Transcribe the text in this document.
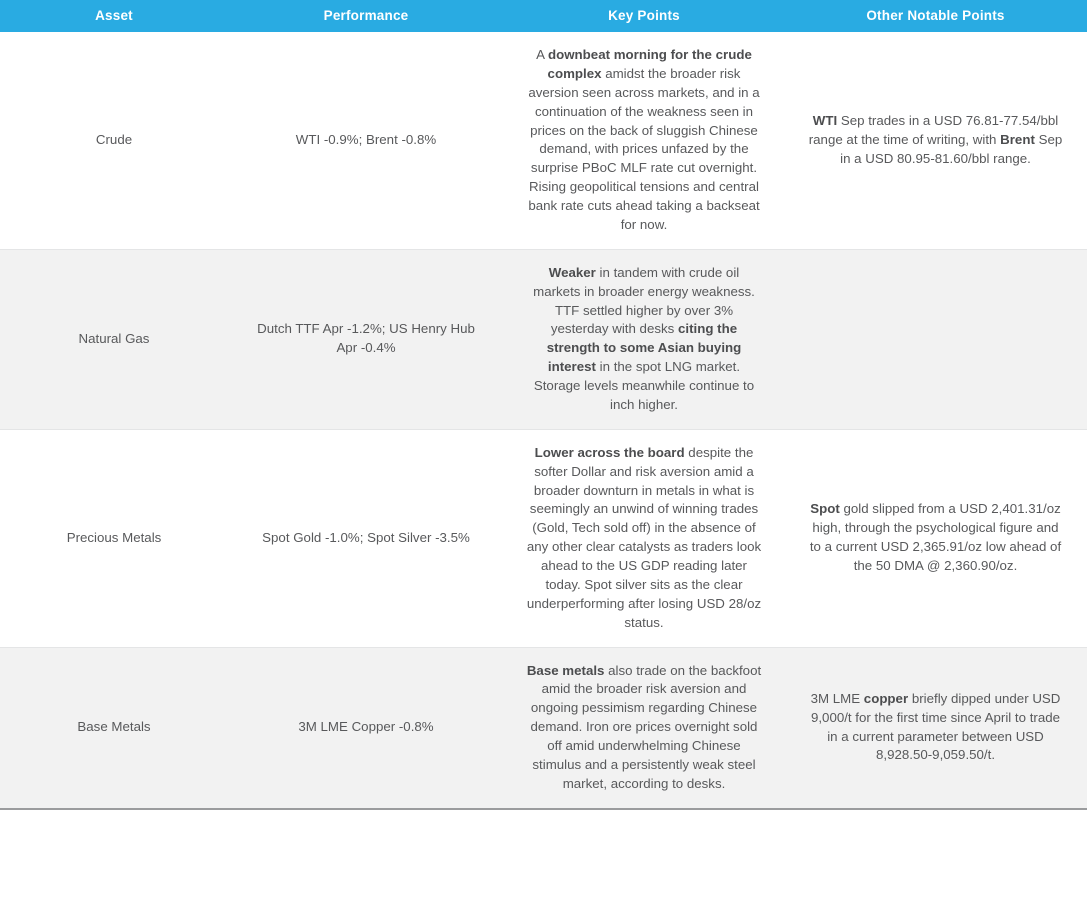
Asset	Performance	Key Points	Other Notable Points
Crude	WTI -0.9%; Brent -0.8%	A downbeat morning for the crude complex amidst the broader risk aversion seen across markets, and in a continuation of the weakness seen in prices on the back of sluggish Chinese demand, with prices unfazed by the surprise PBoC MLF rate cut overnight. Rising geopolitical tensions and central bank rate cuts ahead taking a backseat for now.	WTI Sep trades in a USD 76.81-77.54/bbl range at the time of writing, with Brent Sep in a USD 80.95-81.60/bbl range.
Natural Gas	Dutch TTF Apr -1.2%; US Henry Hub Apr -0.4%	Weaker in tandem with crude oil markets in broader energy weakness. TTF settled higher by over 3% yesterday with desks citing the strength to some Asian buying interest in the spot LNG market. Storage levels meanwhile continue to inch higher.	
Precious Metals	Spot Gold -1.0%; Spot Silver -3.5%	Lower across the board despite the softer Dollar and risk aversion amid a broader downturn in metals in what is seemingly an unwind of winning trades (Gold, Tech sold off) in the absence of any other clear catalysts as traders look ahead to the US GDP reading later today. Spot silver sits as the clear underperforming after losing USD 28/oz status.	Spot gold slipped from a USD 2,401.31/oz high, through the psychological figure and to a current USD 2,365.91/oz low ahead of the 50 DMA @ 2,360.90/oz.
Base Metals	3M LME Copper -0.8%	Base metals also trade on the backfoot amid the broader risk aversion and ongoing pessimism regarding Chinese demand. Iron ore prices overnight sold off amid underwhelming Chinese stimulus and a persistently weak steel market, according to desks.	3M LME copper briefly dipped under USD 9,000/t for the first time since April to trade in a current parameter between USD 8,928.50-9,059.50/t.
